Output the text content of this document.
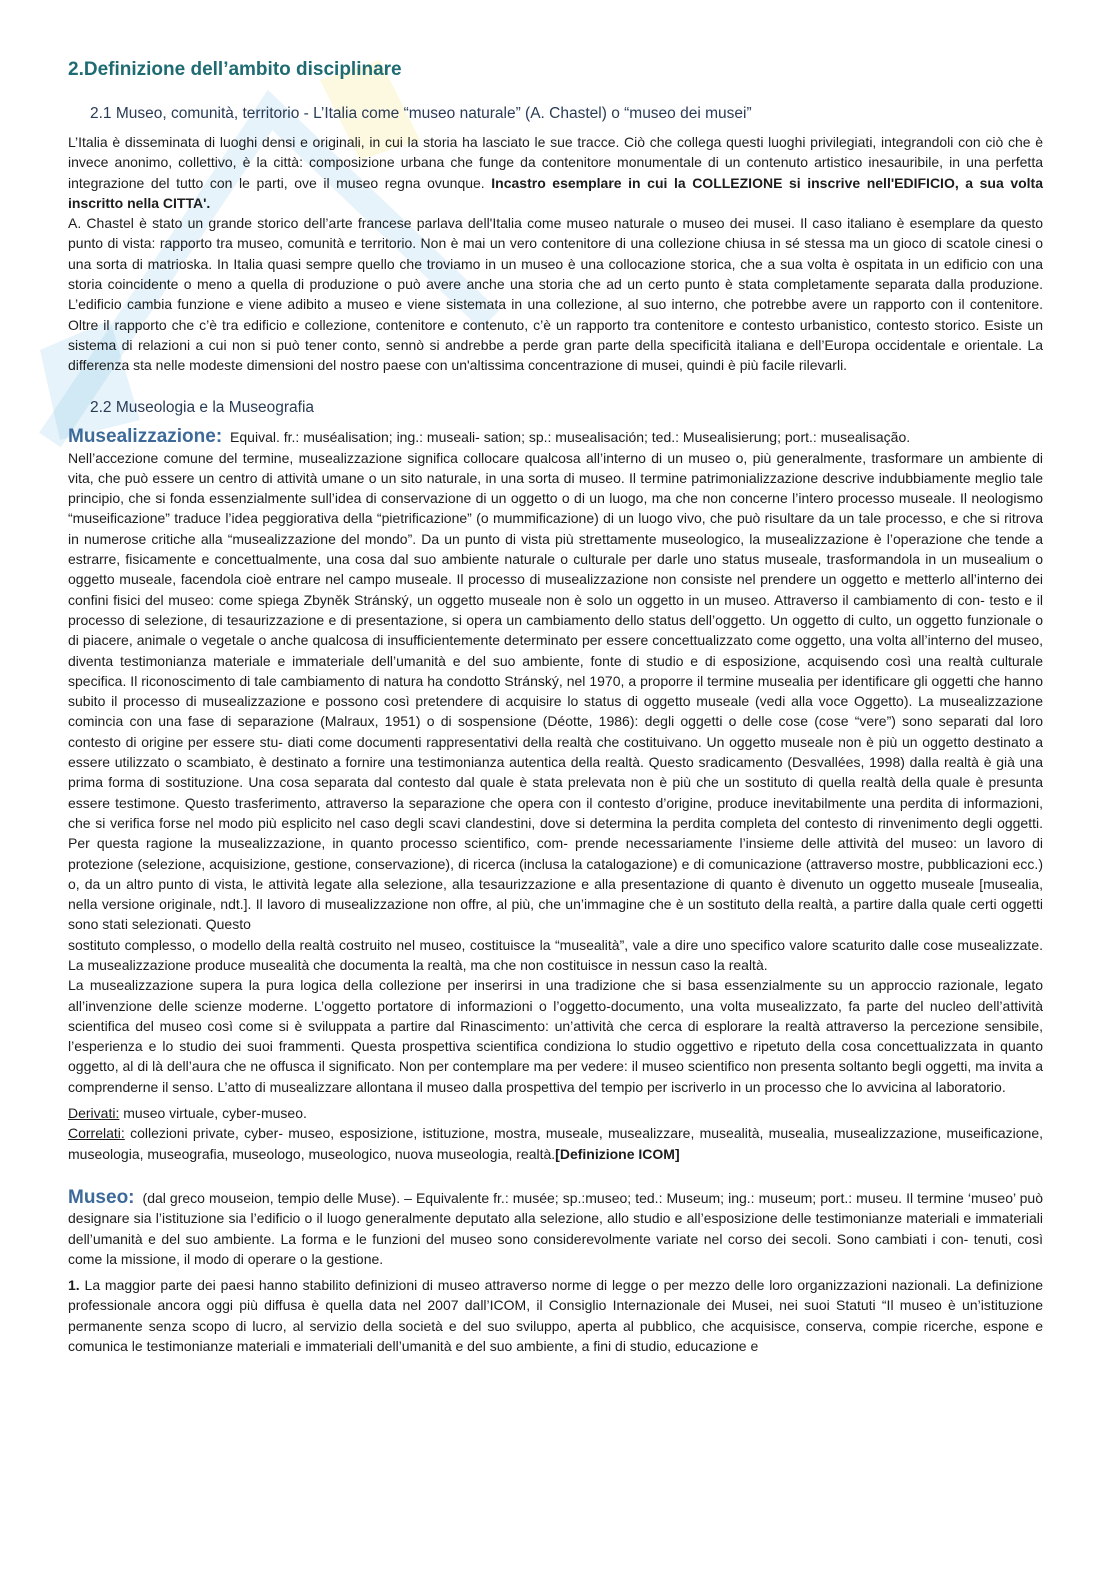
2.Definizione dell’ambito disciplinare
2.1 Museo, comunità, territorio - L’Italia come “museo naturale” (A. Chastel) o “museo dei musei”

L’Italia è disseminata di luoghi densi e originali, in cui la storia ha lasciato le sue tracce. Ciò che collega questi luoghi privilegiati, integrandoli con ciò che è invece anonimo, collettivo, è la città: composizione urbana che funge da contenitore monumentale di un contenuto artistico inesauribile, in una perfetta integrazione del tutto con le parti, ove il museo regna ovunque. Incastro esemplare in cui la COLLEZIONE si inscrive nell'EDIFICIO, a sua volta inscritto nella CITTA'.

A. Chastel è stato un grande storico dell’arte francese parlava dell'Italia come museo naturale o museo dei musei. Il caso italiano è esemplare da questo punto di vista: rapporto tra museo, comunità e territorio. Non è mai un vero contenitore di una collezione chiusa in sé stessa ma un gioco di scatole cinesi o una sorta di matrioska. In Italia quasi sempre quello che troviamo in un museo è una collocazione storica, che a sua volta è ospitata in un edificio con una storia coincidente o meno a quella di produzione o può avere anche una storia che ad un certo punto è stata completamente separata dalla produzione. L’edificio cambia funzione e viene adibito a museo e viene sistemata in una collezione, al suo interno, che potrebbe avere un rapporto con il contenitore. Oltre il rapporto che c’è tra edificio e collezione, contenitore e contenuto, c’è un rapporto tra contenitore e contesto urbanistico, contesto storico. Esiste un sistema di relazioni a cui non si può tener conto, sennò si andrebbe a perde gran parte della specificità italiana e dell’Europa occidentale e orientale. La differenza sta nelle modeste dimensioni del nostro paese con un'altissima concentrazione di musei, quindi è più facile rilevarli.

2.2 Museologia e la Museografia
Musealizzazione: Equival. fr.: muséalisation; ing.: museali- sation; sp.: musealisación; ted.: Musealisierung; port.: musealisação.

Nell’accezione comune del termine, musealizzazione significa collocare qualcosa all’interno di un museo o, più generalmente, trasformare un ambiente di vita, che può essere un centro di attività umane o un sito naturale, in una sorta di museo. Il termine patrimonializzazione descrive indubbiamente meglio tale principio, che si fonda essenzialmente sull’idea di conservazione di un oggetto o di un luogo, ma che non concerne l’intero processo museale. Il neologismo “museificazione” traduce l’idea peggiorativa della “pietrificazione” (o mummificazione) di un luogo vivo, che può risultare da un tale processo, e che si ritrova in numerose critiche alla “musealizzazione del mondo”. Da un punto di vista più strettamente museologico, la musealizzazione è l’operazione che tende a estrarre, fisicamente e concettualmente, una cosa dal suo ambiente naturale o culturale per darle uno status museale, trasformandola in un musealium o oggetto museale, facendola cioè entrare nel campo museale. Il processo di musealizzazione non consiste nel prendere un oggetto e metterlo all’interno dei confini fisici del museo: come spiega Zbyněk Stránský, un oggetto museale non è solo un oggetto in un museo. Attraverso il cambiamento di con- testo e il processo di selezione, di tesaurizzazione e di presentazione, si opera un cambiamento dello status dell’oggetto. Un oggetto di culto, un oggetto funzionale o di piacere, animale o vegetale o anche qualcosa di insufficientemente determinato per essere concettualizzato come oggetto, una volta all’interno del museo, diventa testimonianza materiale e immateriale dell’umanità e del suo ambiente, fonte di studio e di esposizione, acquisendo così una realtà culturale specifica. Il riconoscimento di tale cambiamento di natura ha condotto Stránský, nel 1970, a proporre il termine musealia per identificare gli oggetti che hanno subito il processo di musealizzazione e possono così pretendere di acquisire lo status di oggetto museale (vedi alla voce Oggetto). La musealizzazione comincia con una fase di separazione (Malraux, 1951) o di sospensione (Déotte, 1986): degli oggetti o delle cose (cose “vere”) sono separati dal loro contesto di origine per essere stu- diati come documenti rappresentativi della realtà che costituivano. Un oggetto museale non è più un oggetto destinato a essere utilizzato o scambiato, è destinato a fornire una testimonianza autentica della realtà. Questo sradicamento (Desvallées, 1998) dalla realtà è già una prima forma di sostituzione. Una cosa separata dal contesto dal quale è stata prelevata non è più che un sostituto di quella realtà della quale è presunta essere testimone. Questo trasferimento, attraverso la separazione che opera con il contesto d’origine, produce inevitabilmente una perdita di informazioni, che si verifica forse nel modo più esplicito nel caso degli scavi clandestini, dove si determina la perdita completa del contesto di rinvenimento degli oggetti. Per questa ragione la musealizzazione, in quanto processo scientifico, com- prende necessariamente l’insieme delle attività del museo: un lavoro di protezione (selezione, acquisizione, gestione, conservazione), di ricerca (inclusa la catalogazione) e di comunicazione (attraverso mostre, pubblicazioni ecc.) o, da un altro punto di vista, le attività legate alla selezione, alla tesaurizzazione e alla presentazione di quanto è divenuto un oggetto museale [musealia, nella versione originale, ndt.]. Il lavoro di musealizzazione non offre, al più, che un’immagine che è un sostituto della realtà, a partire dalla quale certi oggetti sono stati selezionati. Questo

sostituto complesso, o modello della realtà costruito nel museo, costituisce la “musealità”, vale a dire uno specifico valore scaturito dalle cose musealizzate. La musealizzazione produce musealità che documenta la realtà, ma che non costituisce in nessun caso la realtà.

La musealizzazione supera la pura logica della collezione per inserirsi in una tradizione che si basa essenzialmente su un approccio razionale, legato all’invenzione delle scienze moderne. L’oggetto portatore di informazioni o l’oggetto-documento, una volta musealizzato, fa parte del nucleo dell’attività scientifica del museo così come si è sviluppata a partire dal Rinascimento: un’attività che cerca di esplorare la realtà attraverso la percezione sensibile, l’esperienza e lo studio dei suoi frammenti. Questa prospettiva scientifica condiziona lo studio oggettivo e ripetuto della cosa concettualizzata in quanto oggetto, al di là dell’aura che ne offusca il significato. Non per contemplare ma per vedere: il museo scientifico non presenta soltanto begli oggetti, ma invita a comprenderne il senso. L’atto di musealizzare allontana il museo dalla prospettiva del tempio per iscriverlo in un processo che lo avvicina al laboratorio.

Derivati: museo virtuale, cyber-museo.

Correlati: collezioni private, cyber- museo, esposizione, istituzione, mostra, museale, musealizzare, musealità, musealia, musealizzazione, museificazione, museologia, museografia, museologo, museologico, nuova museologia, realtà.[Definizione ICOM]

Museo: (dal greco mouseion, tempio delle Muse). – Equivalente fr.: musée; sp.:museo; ted.: Museum; ing.: museum; port.: museu. Il termine ‘museo’ può designare sia l’istituzione sia l’edificio o il luogo generalmente deputato alla selezione, allo studio e all’esposizione delle testimonianze materiali e immateriali dell’umanità e del suo ambiente. La forma e le funzioni del museo sono considerevolmente variate nel corso dei secoli. Sono cambiati i con- tenuti, così come la missione, il modo di operare o la gestione.

1. La maggior parte dei paesi hanno stabilito definizioni di museo attraverso norme di legge o per mezzo delle loro organizzazioni nazionali. La definizione professionale ancora oggi più diffusa è quella data nel 2007 dall’ICOM, il Consiglio Internazionale dei Musei, nei suoi Statuti “Il museo è un’istituzione permanente senza scopo di lucro, al servizio della società e del suo sviluppo, aperta al pubblico, che acquisisce, conserva, compie ricerche, espone e comunica le testimonianze materiali e immateriali dell’umanità e del suo ambiente, a fini di studio, educazione e
